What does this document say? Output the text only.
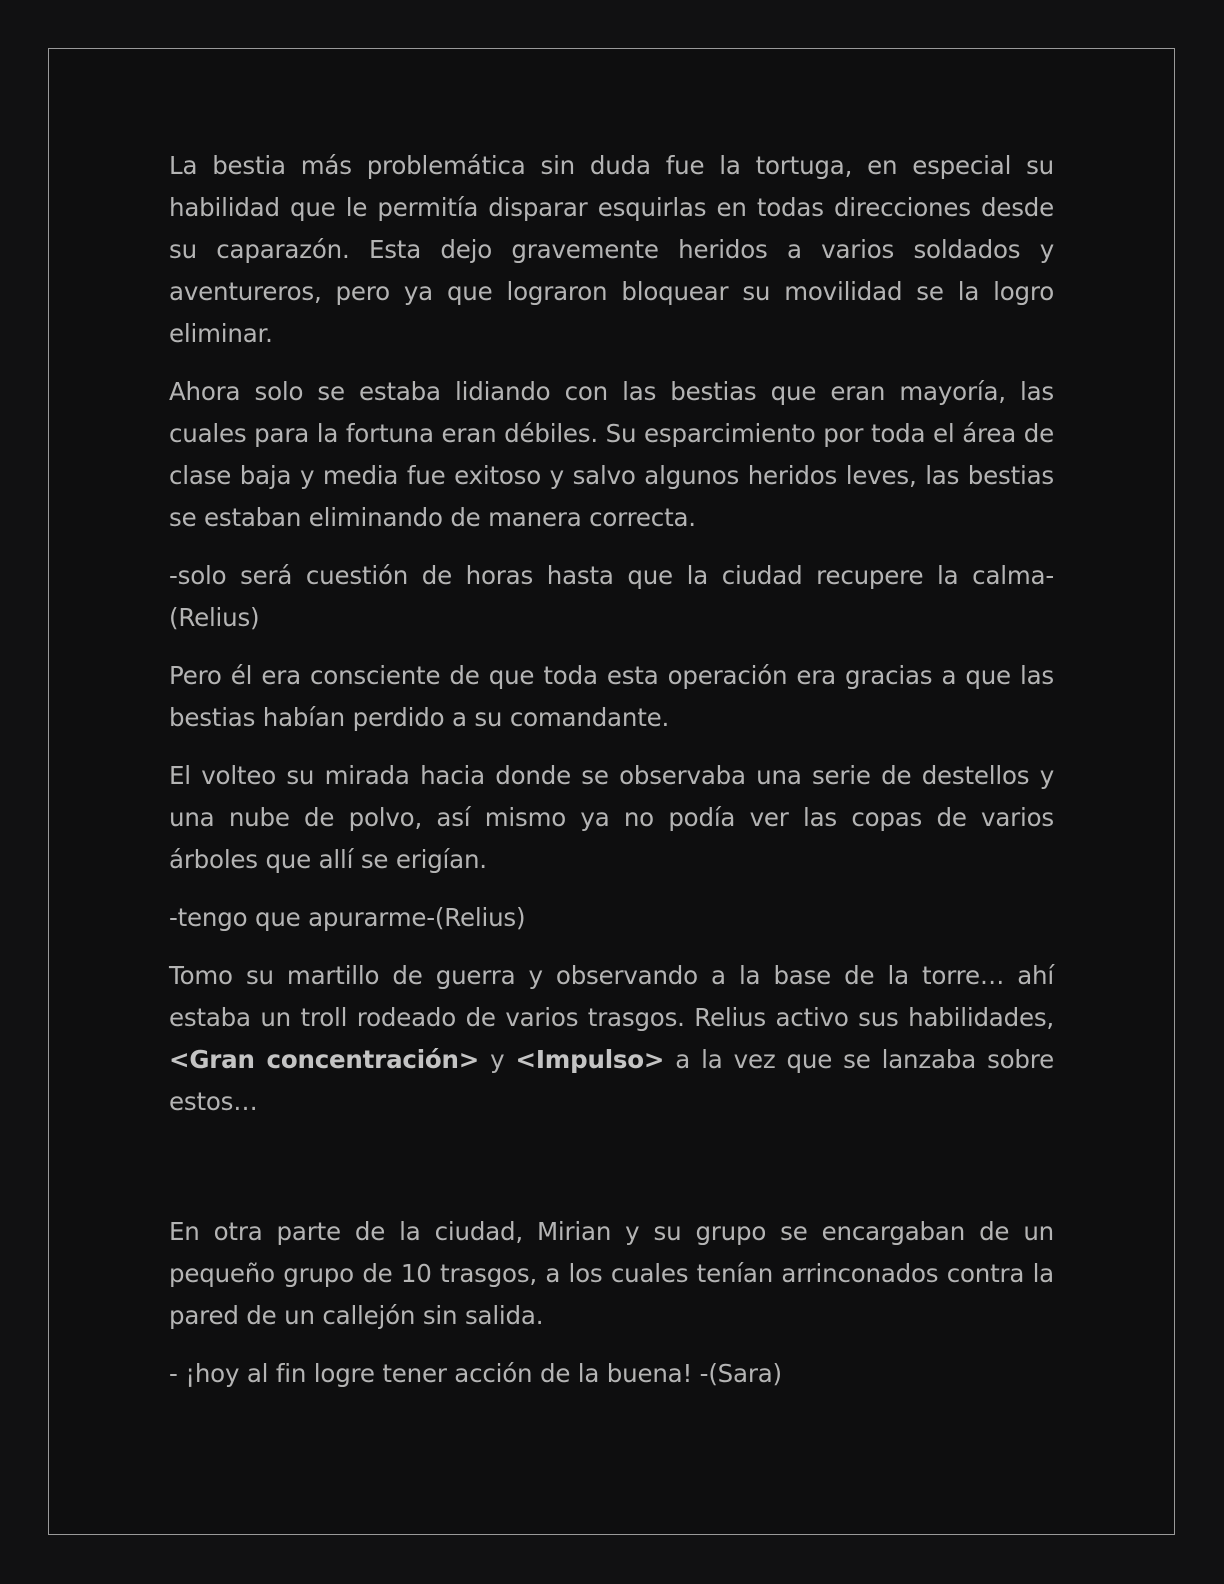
La bestia más problemática sin duda fue la tortuga, en especial su habilidad que le permitía disparar esquirlas en todas direcciones desde su caparazón. Esta dejo gravemente heridos a varios soldados y aventureros, pero ya que lograron bloquear su movilidad se la logro eliminar.

Ahora solo se estaba lidiando con las bestias que eran mayoría, las cuales para la fortuna eran débiles. Su esparcimiento por toda el área de clase baja y media fue exitoso y salvo algunos heridos leves, las bestias se estaban eliminando de manera correcta.

-solo será cuestión de horas hasta que la ciudad recupere la calma-(Relius)

Pero él era consciente de que toda esta operación era gracias a que las bestias habían perdido a su comandante.

El volteo su mirada hacia donde se observaba una serie de destellos y una nube de polvo, así mismo ya no podía ver las copas de varios árboles que allí se erigían.

-tengo que apurarme-(Relius)

Tomo su martillo de guerra y observando a la base de la torre… ahí estaba un troll rodeado de varios trasgos. Relius activo sus habilidades, <Gran concentración> y <Impulso> a la vez que se lanzaba sobre estos…

En otra parte de la ciudad, Mirian y su grupo se encargaban de un pequeño grupo de 10 trasgos, a los cuales tenían arrinconados contra la pared de un callejón sin salida.

- ¡hoy al fin logre tener acción de la buena! -(Sara)
